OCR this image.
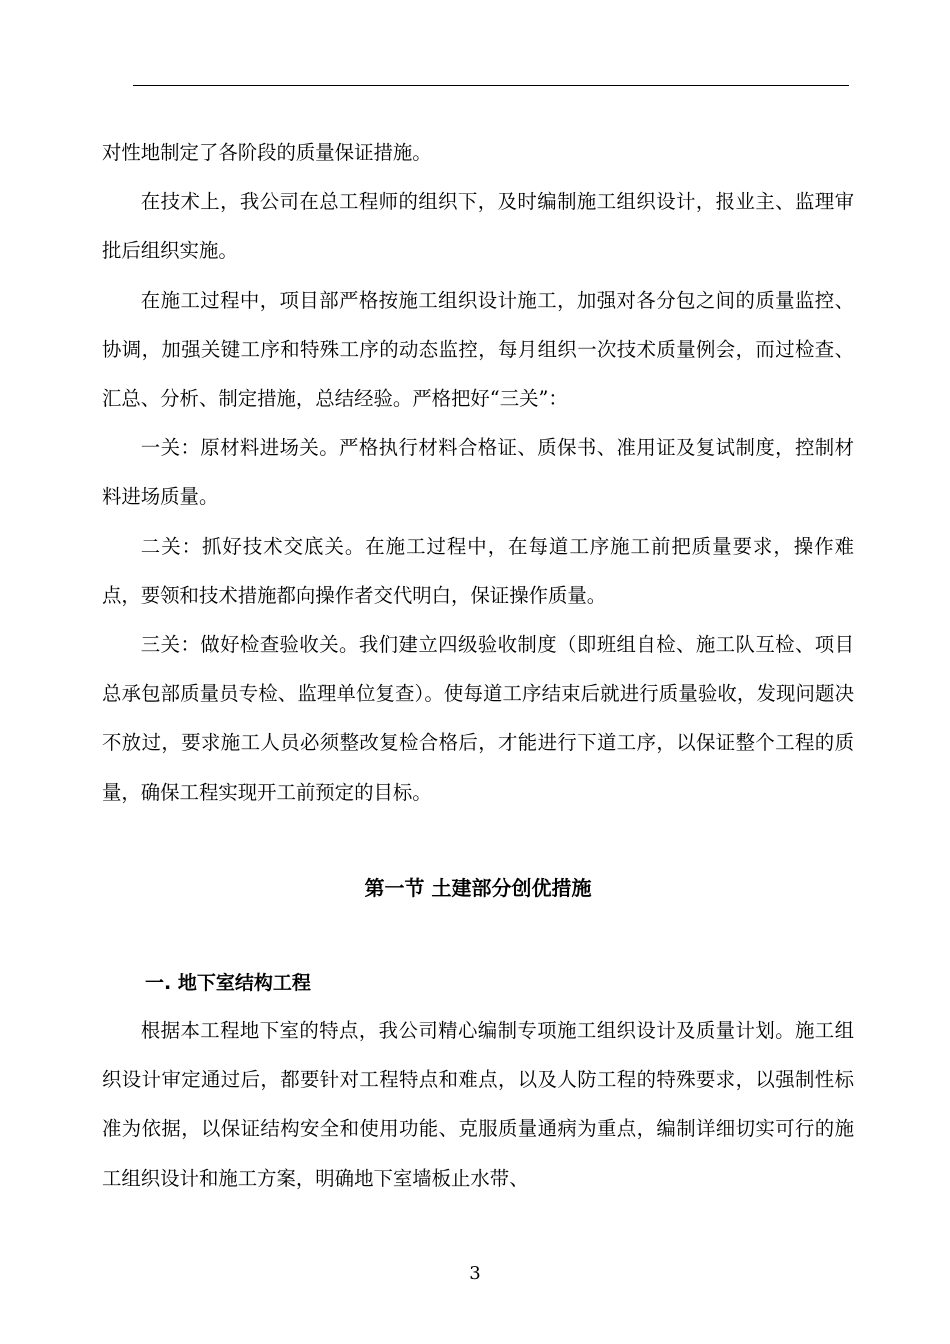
对性地制定了各阶段的质量保证措施。

在技术上，我公司在总工程师的组织下，及时编制施工组织设计，报业主、监理审批后组织实施。

在施工过程中，项目部严格按施工组织设计施工，加强对各分包之间的质量监控、协调，加强关键工序和特殊工序的动态监控，每月组织一次技术质量例会，而过检查、汇总、分析、制定措施，总结经验。严格把好“三关”：

一关：原材料进场关。严格执行材料合格证、质保书、准用证及复试制度，控制材料进场质量。

二关：抓好技术交底关。在施工过程中，在每道工序施工前把质量要求，操作难点，要领和技术措施都向操作者交代明白，保证操作质量。

三关：做好检查验收关。我们建立四级验收制度（即班组自检、施工队互检、项目总承包部质量员专检、监理单位复查）。使每道工序结束后就进行质量验收，发现问题决不放过，要求施工人员必须整改复检合格后，才能进行下道工序，以保证整个工程的质量，确保工程实现开工前预定的目标。

第一节 土建部分创优措施
一. 地下室结构工程

根据本工程地下室的特点，我公司精心编制专项施工组织设计及质量计划。施工组织设计审定通过后，都要针对工程特点和难点，以及人防工程的特殊要求，以强制性标准为依据，以保证结构安全和使用功能、克服质量通病为重点，编制详细切实可行的施工组织设计和施工方案，明确地下室墙板止水带、

3
